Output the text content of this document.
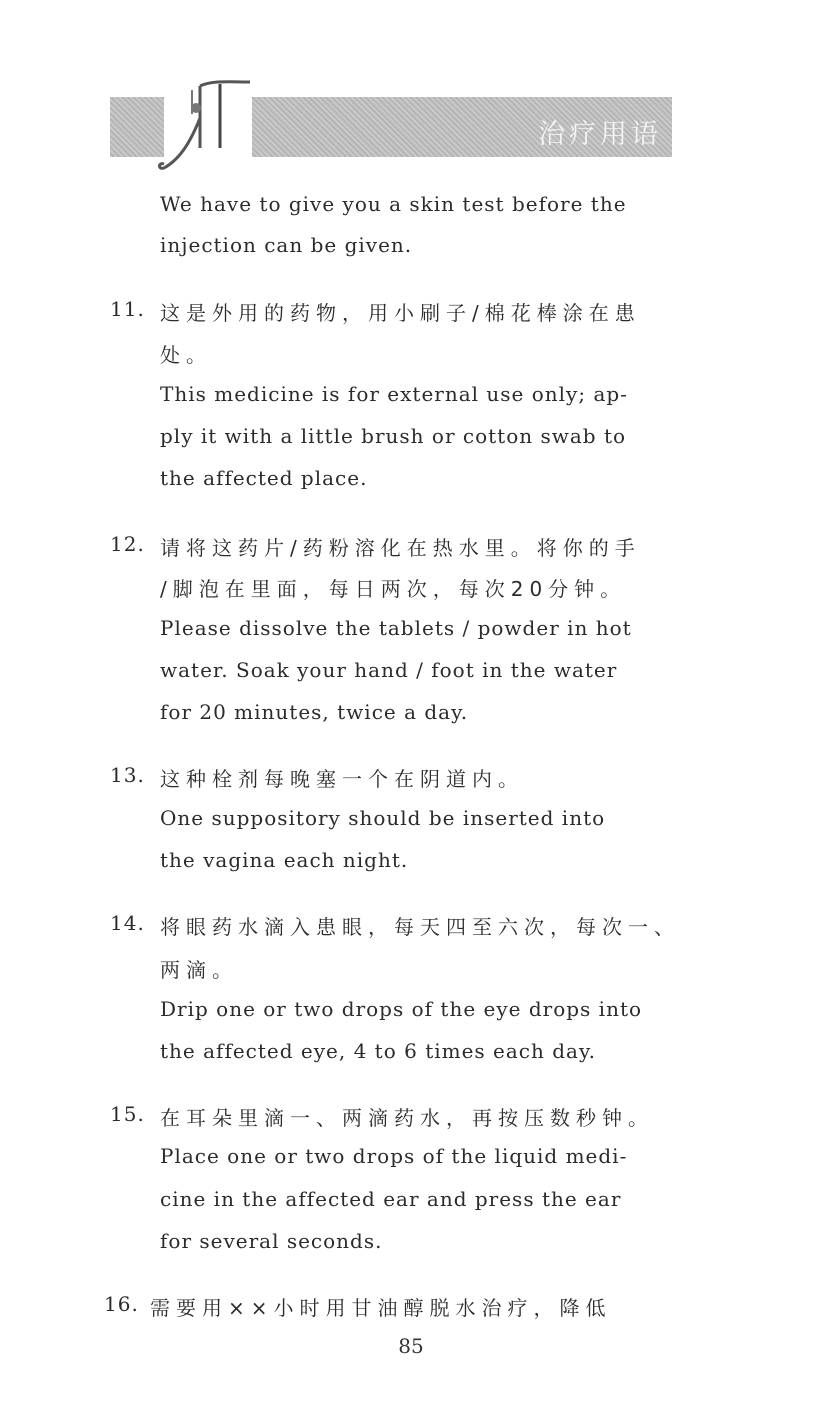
治疗用语
We have to give you a skin test before the
injection can be given.
11. 这是外用的药物，用小刷子/棉花棒涂在患
处。
This medicine is for external use only; ap-
ply it with a little brush or cotton swab to
the affected place.
12. 请将这药片/药粉溶化在热水里。将你的手
/脚泡在里面，每日两次，每次20分钟。
Please dissolve the tablets / powder in hot
water. Soak your hand / foot in the water
for 20 minutes, twice a day.
13. 这种栓剂每晚塞一个在阴道内。
One suppository should be inserted into
the vagina each night.
14. 将眼药水滴入患眼，每天四至六次，每次一、
两滴。
Drip one or two drops of the eye drops into
the affected eye, 4 to 6 times each day.
15. 在耳朵里滴一、两滴药水，再按压数秒钟。
Place one or two drops of the liquid medi-
cine in the affected ear and press the ear
for several seconds.
16. 需要用××小时用甘油醇脱水治疗，降低
85
